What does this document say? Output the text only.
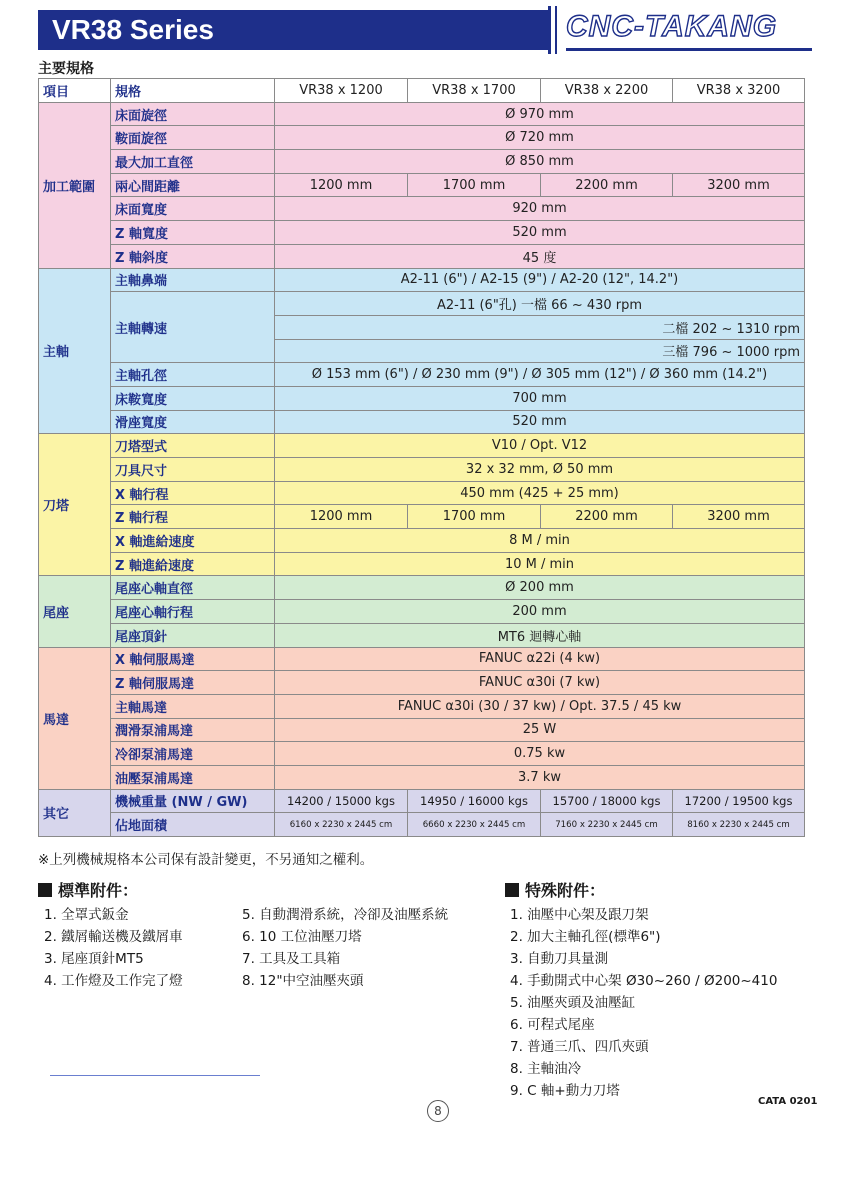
VR38 Series	CNC-TAKANG
主要規格
項目	規格	VR38 x 1200	VR38 x 1700	VR38 x 2200	VR38 x 3200
加工範圍	床面旋徑	Ø 970 mm			
	鞍面旋徑	Ø 720 mm			
	最大加工直徑	Ø 850 mm			
	兩心間距離	1200 mm	1700 mm	2200 mm	3200 mm
	床面寬度	920 mm			
	Z 軸寬度	520 mm			
	Z 軸斜度	45 度			
主軸	主軸鼻端	A2-11 (6") / A2-15 (9") / A2-20 (12", 14.2")			
	主軸轉速	A2-11 (6"孔) 一檔 66 ~ 430 rpm			
		二檔 202 ~ 1310 rpm			
		三檔 796 ~ 1000 rpm			
	主軸孔徑	Ø 153 mm (6") / Ø 230 mm (9") / Ø 305 mm (12") / Ø 360 mm (14.2")			
	床鞍寬度	700 mm			
	滑座寬度	520 mm			
刀塔	刀塔型式	V10 / Opt. V12			
	刀具尺寸	32 x 32 mm, Ø 50 mm			
	X 軸行程	450 mm (425 + 25 mm)			
	Z 軸行程	1200 mm	1700 mm	2200 mm	3200 mm
	X 軸進給速度	8 M / min			
	Z 軸進給速度	10 M / min			
尾座	尾座心軸直徑	Ø 200 mm			
	尾座心軸行程	200 mm			
	尾座頂針	MT6 迴轉心軸			
馬達	X 軸伺服馬達	FANUC α22i (4 kw)			
	Z 軸伺服馬達	FANUC α30i (7 kw)			
	主軸馬達	FANUC α30i (30 / 37 kw) / Opt. 37.5 / 45 kw			
	潤滑泵浦馬達	25 W			
	冷卻泵浦馬達	0.75 kw			
	油壓泵浦馬達	3.7 kw			
其它	機械重量 (NW / GW)	14200 / 15000 kgs	14950 / 16000 kgs	15700 / 18000 kgs	17200 / 19500 kgs
	佔地面積	6160 x 2230 x 2445 cm	6660 x 2230 x 2445 cm	7160 x 2230 x 2445 cm	8160 x 2230 x 2445 cm
※上列機械規格本公司保有設計變更，不另通知之權利。
標準附件：
1. 全罩式鈑金
2. 鐵屑輸送機及鐵屑車
3. 尾座頂針MT5
4. 工作燈及工作完了燈
5. 自動潤滑系統，冷卻及油壓系統
6. 10 工位油壓刀塔
7. 工具及工具箱
8. 12"中空油壓夾頭
特殊附件：
1. 油壓中心架及跟刀架
2. 加大主軸孔徑(標準6")
3. 自動刀具量測
4. 手動開式中心架 Ø30~260 / Ø200~410
5. 油壓夾頭及油壓缸
6. 可程式尾座
7. 普通三爪、四爪夾頭
8. 主軸油冷
9. C 軸+動力刀塔
8
CATA 0201
